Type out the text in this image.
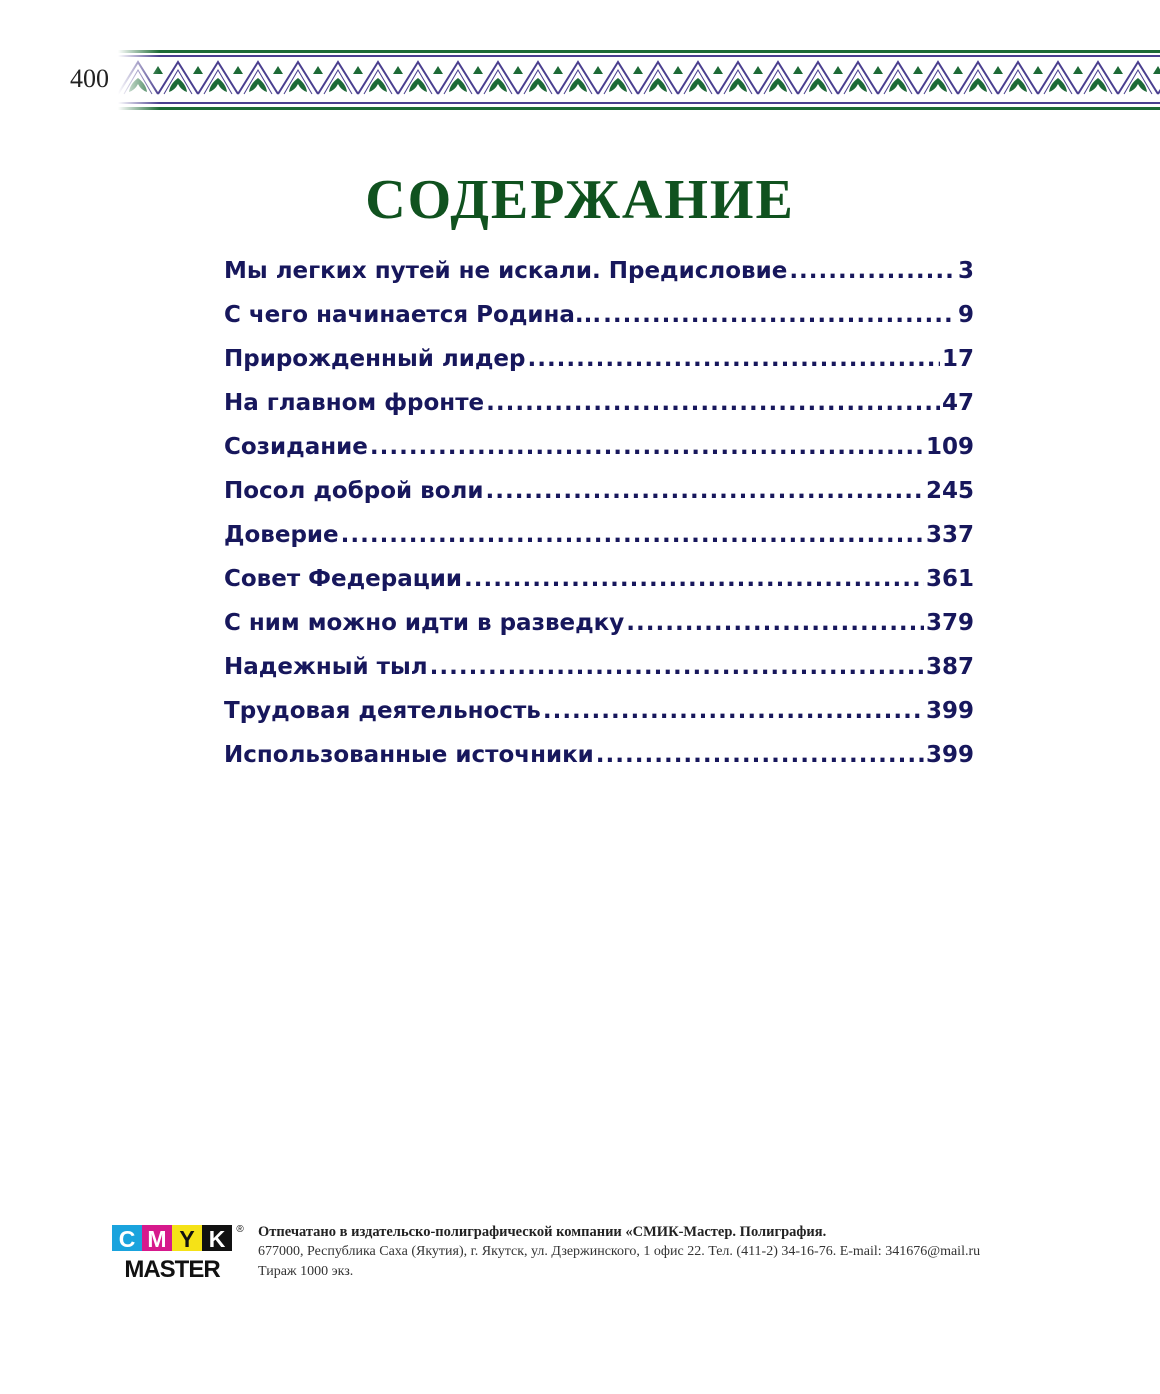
400
СОДЕРЖАНИЕ
Мы легких путей не искали. Предисловие .....	3
С чего начинается Родина... .....	9
Прирожденный лидер .....	17
На главном фронте .....	47
Созидание .....	109
Посол доброй воли .....	245
Доверие .....	337
Совет Федерации .....	361
С ним можно идти в разведку .....	379
Надежный тыл .....	387
Трудовая деятельность .....	399
Использованные источники .....	399
C M Y K ®
MASTER
Отпечатано в издательско-полиграфической компании «СМИК-Мастер. Полиграфия.
677000, Республика Саха (Якутия), г. Якутск, ул. Дзержинского, 1 офис 22. Тел. (411-2) 34-16-76. E-mail: 341676@mail.ru
Тираж 1000 экз.
